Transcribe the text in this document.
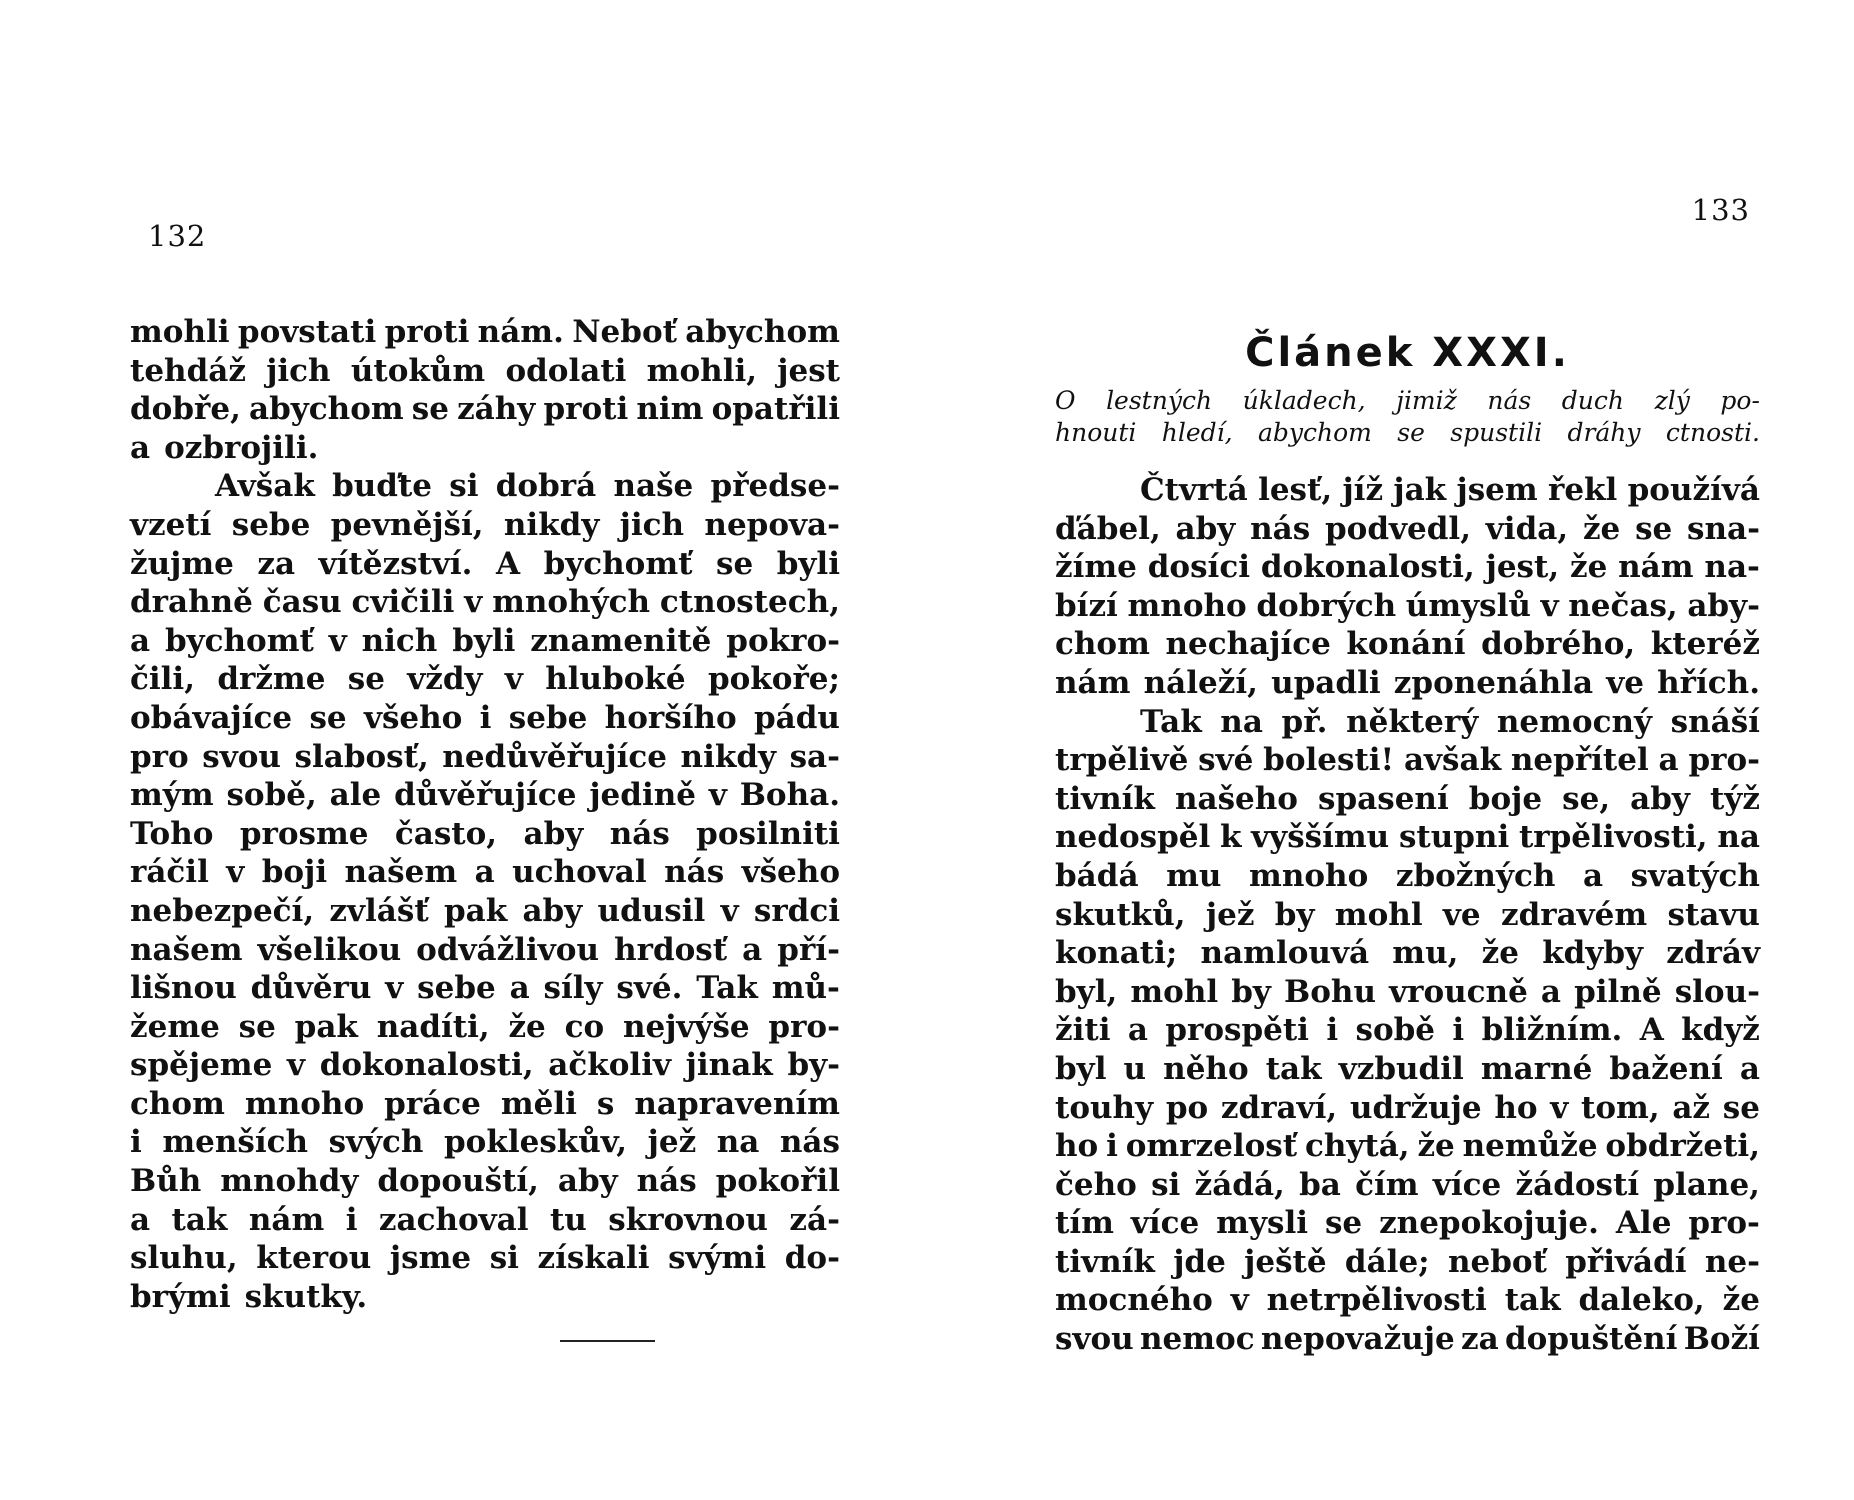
132
mohli povstati proti nám. Neboť abychom
tehdáž jich útokům odolati mohli, jest
dobře, abychom se záhy proti nim opatřili
a ozbrojili.
Avšak buďte si dobrá naše předse-
vzetí sebe pevnější, nikdy jich nepova-
žujme za vítězství. A bychomť se byli
drahně času cvičili v mnohých ctnostech,
a bychomť v nich byli znamenitě pokro-
čili, držme se vždy v hluboké pokoře;
obávajíce se všeho i sebe horšího pádu
pro svou slabosť, nedůvěřujíce nikdy sa-
mým sobě, ale důvěřujíce jedině v Boha.
Toho prosme často, aby nás posilniti
ráčil v boji našem a uchoval nás všeho
nebezpečí, zvlášť pak aby udusil v srdci
našem všelikou odvážlivou hrdosť a pří-
lišnou důvěru v sebe a síly své. Tak mů-
žeme se pak nadíti, že co nejvýše pro-
spějeme v dokonalosti, ačkoliv jinak by-
chom mnoho práce měli s napravením
i menších svých pokleskův, jež na nás
Bůh mnohdy dopouští, aby nás pokořil
a tak nám i zachoval tu skrovnou zá-
sluhu, kterou jsme si získali svými do-
brými skutky.
133
Článek XXXI.
O lestných úkladech, jimiž nás duch zlý po-
hnouti hledí, abychom se spustili dráhy ctnosti.
Čtvrtá lesť, jíž jak jsem řekl používá
ďábel, aby nás podvedl, vida, že se sna-
žíme dosíci dokonalosti, jest, že nám na-
bízí mnoho dobrých úmyslů v nečas, aby-
chom nechajíce konání dobrého, kteréž
nám náleží, upadli zponenáhla ve hřích.
Tak na př. některý nemocný snáší
trpělivě své bolesti! avšak nepřítel a pro-
tivník našeho spasení boje se, aby týž
nedospěl k vyššímu stupni trpělivosti, na
bádá mu mnoho zbožných a svatých
skutků, jež by mohl ve zdravém stavu
konati; namlouvá mu, že kdyby zdráv
byl, mohl by Bohu vroucně a pilně slou-
žiti a prospěti i sobě i bližním. A když
byl u něho tak vzbudil marné bažení a
touhy po zdraví, udržuje ho v tom, až se
ho i omrzelosť chytá, že nemůže obdržeti,
čeho si žádá, ba čím více žádostí plane,
tím více mysli se znepokojuje. Ale pro-
tivník jde ještě dále; neboť přivádí ne-
mocného v netrpělivosti tak daleko, že
svou nemoc nepovažuje za dopuštění Boží
